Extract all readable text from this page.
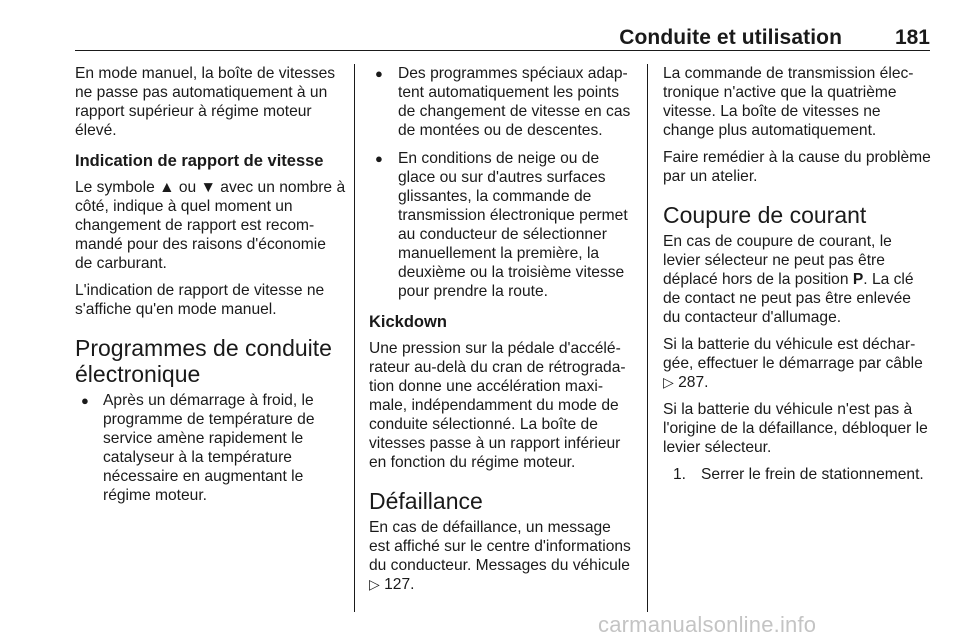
Conduite et utilisation	181

En mode manuel, la boîte de vitesses ne passe pas automatiquement à un rapport supérieur à régime moteur élevé.

Indication de rapport de vitesse

Le symbole ▲ ou ▼ avec un nombre à côté, indique à quel moment un changement de rapport est recommandé pour des raisons d'économie de carburant.

L'indication de rapport de vitesse ne s'affiche qu'en mode manuel.

Programmes de conduite électronique
● Après un démarrage à froid, le programme de température de service amène rapidement le catalyseur à la température nécessaire en augmentant le régime moteur.
● Des programmes spéciaux adaptent automatiquement les points de changement de vitesse en cas de montées ou de descentes.
● En conditions de neige ou de glace ou sur d'autres surfaces glissantes, la commande de transmission électronique permet au conducteur de sélectionner manuellement la première, la deuxième ou la troisième vitesse pour prendre la route.
Kickdown

Une pression sur la pédale d'accélérateur au-delà du cran de rétrogradation donne une accélération maximale, indépendamment du mode de conduite sélectionné. La boîte de vitesses passe à un rapport inférieur en fonction du régime moteur.

Défaillance

En cas de défaillance, un message est affiché sur le centre d'informations du conducteur. Messages du véhicule ▷ 127.

La commande de transmission électronique n'active que la quatrième vitesse. La boîte de vitesses ne change plus automatiquement.

Faire remédier à la cause du problème par un atelier.

Coupure de courant

En cas de coupure de courant, le levier sélecteur ne peut pas être déplacé hors de la position P. La clé de contact ne peut pas être enlevée du contacteur d'allumage.

Si la batterie du véhicule est déchargée, effectuer le démarrage par câble ▷ 287.

Si la batterie du véhicule n'est pas à l'origine de la défaillance, débloquer le levier sélecteur.

1. Serrer le frein de stationnement.
carmanualsonline.info
